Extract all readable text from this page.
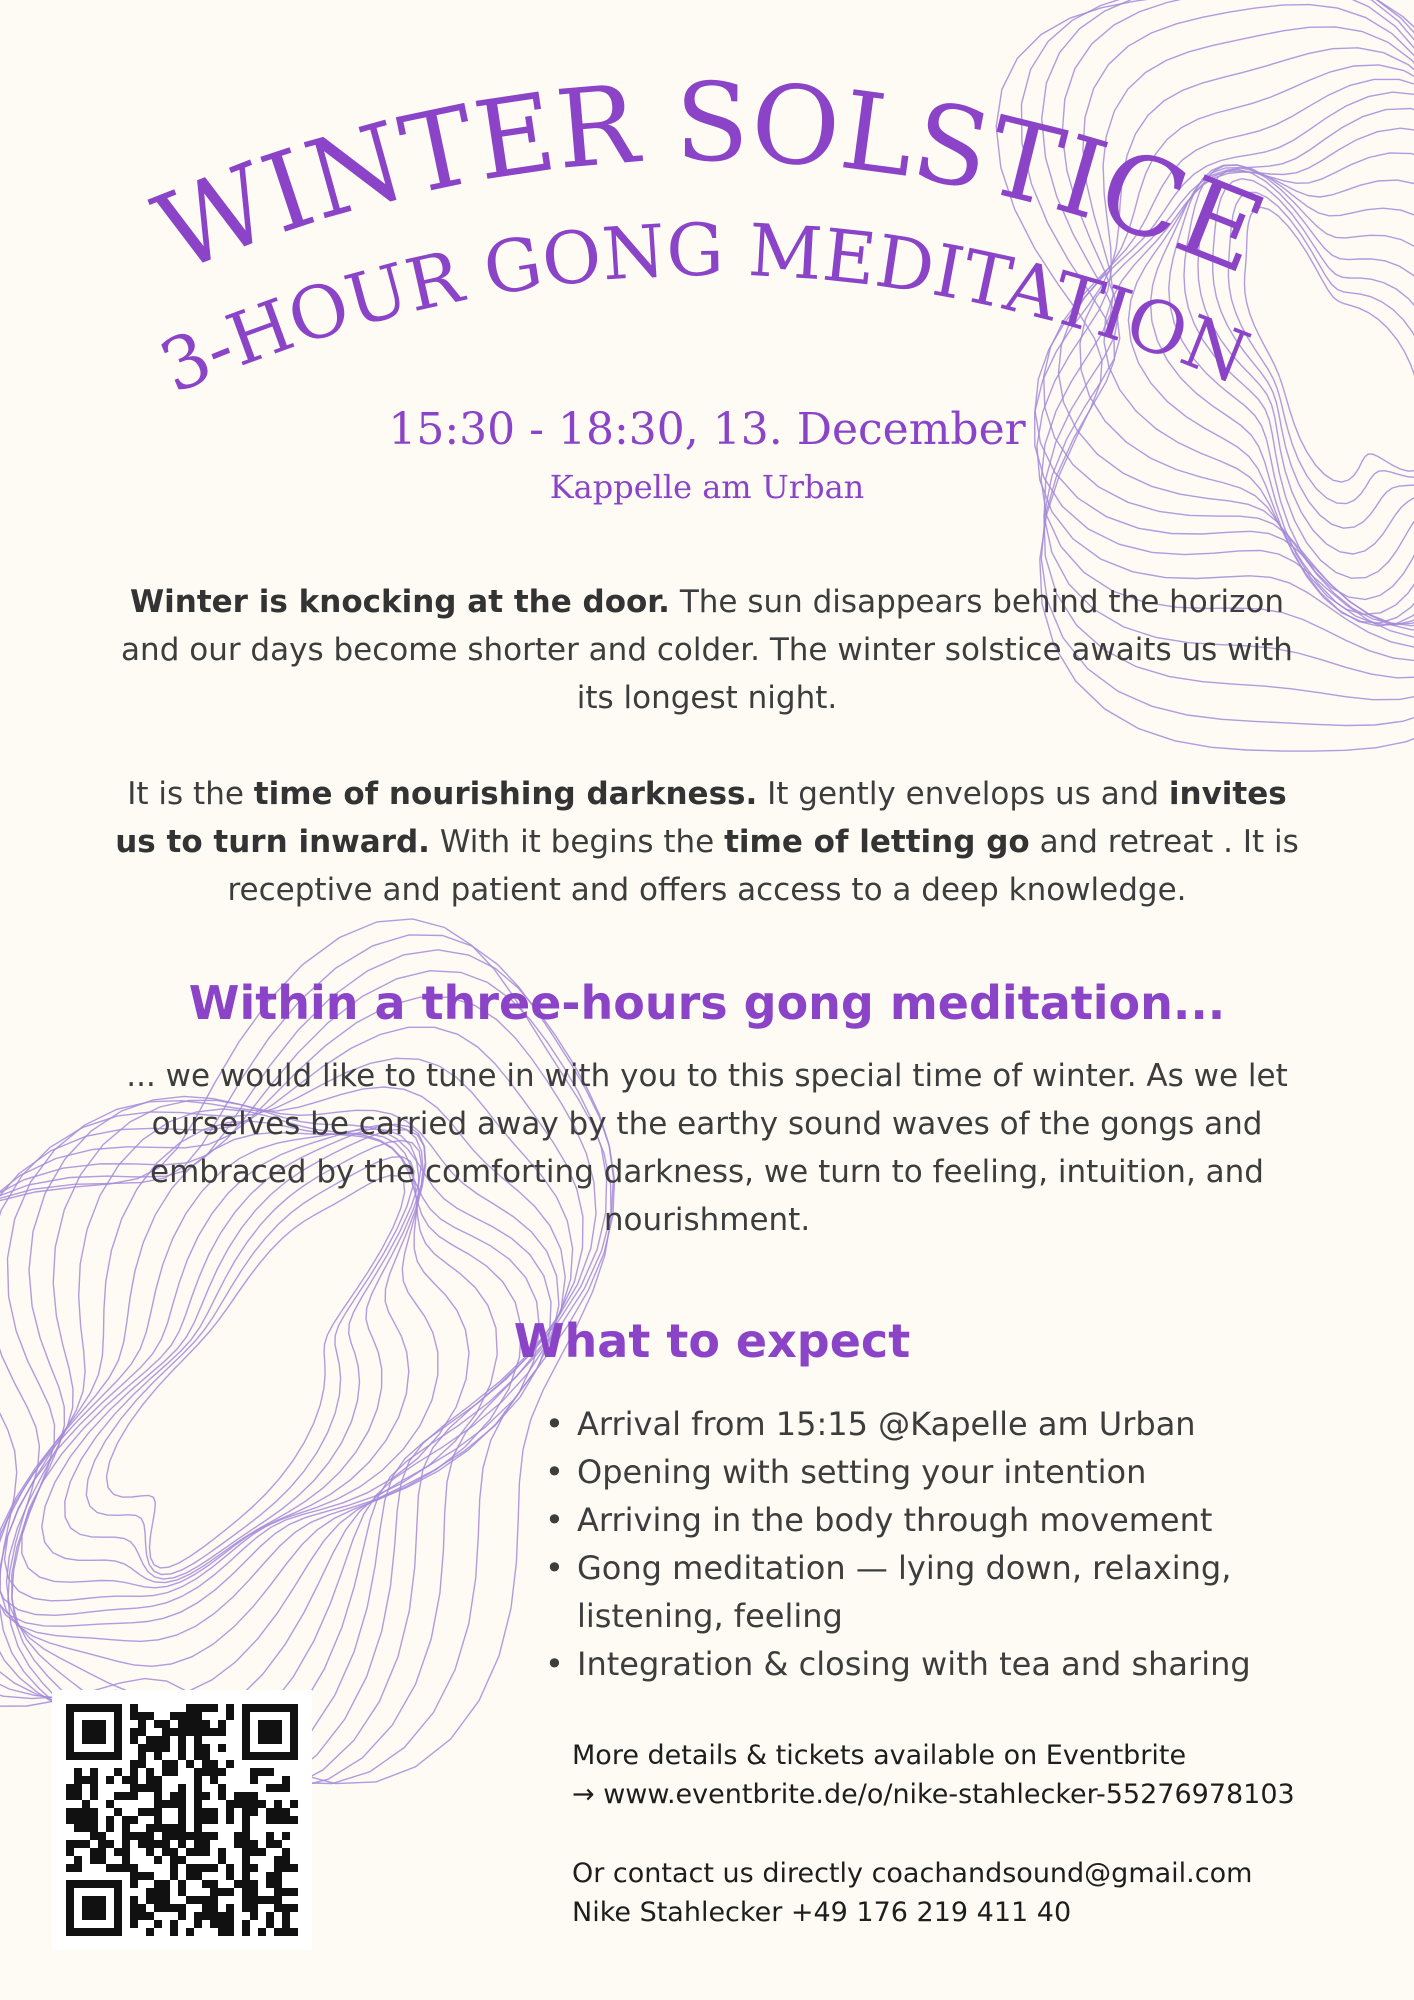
WINTER SOLSTICE
3-HOUR GONG MEDITATION
15:30 - 18:30, 13. December
Kappelle am Urban
Winter is knocking at the door. The sun disappears behind the horizon and our days become shorter and colder. The winter solstice awaits us with its longest night.
It is the time of nourishing darkness. It gently envelops us and invites us to turn inward. With it begins the time of letting go and retreat . It is receptive and patient and offers access to a deep knowledge.
Within a three-hours gong meditation...
... we would like to tune in with you to this special time of winter. As we let ourselves be carried away by the earthy sound waves of the gongs and embraced by the comforting darkness, we turn to feeling, intuition, and nourishment.
What to expect
• Arrival from 15:15 @Kapelle am Urban
• Opening with setting your intention
• Arriving in the body through movement
• Gong meditation — lying down, relaxing, listening, feeling
• Integration & closing with tea and sharing
More details & tickets available on Eventbrite
→ www.eventbrite.de/o/nike-stahlecker-55276978103
Or contact us directly coachandsound@gmail.com
Nike Stahlecker +49 176 219 411 40
